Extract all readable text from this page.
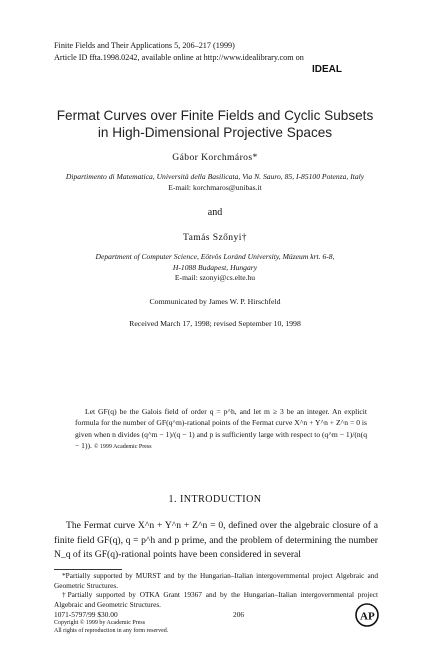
Finite Fields and Their Applications 5, 206–217 (1999)
Article ID ffta.1998.0242, available online at http://www.idealibrary.com on
IDEAL
Fermat Curves over Finite Fields and Cyclic Subsets
in High-Dimensional Projective Spaces
Gábor Korchmáros*
Dipartimento di Matematica, Università della Basilicata, Via N. Sauro, 85, I-85100 Potenza, Italy
E-mail: korchmaros@unibas.it
and
Tamás Szőnyi†
Department of Computer Science, Eötvös Loránd University, Múzeum krt. 6-8,
H-1088 Budapest, Hungary
E-mail: szonyi@cs.elte.hu
Communicated by James W. P. Hirschfeld
Received March 17, 1998; revised September 10, 1998
Let GF(q) be the Galois field of order q = p^h, and let m ≥ 3 be an integer. An explicit formula for the number of GF(q^m)-rational points of the Fermat curve X^n + Y^n + Z^n = 0 is given when n divides (q^m − 1)/(q − 1) and p is sufficiently large with respect to (q^m − 1)/(n(q − 1)). © 1999 Academic Press
1. INTRODUCTION
The Fermat curve X^n + Y^n + Z^n = 0, defined over the algebraic closure of a finite field GF(q), q = p^h and p prime, and the problem of determining the number N_q of its GF(q)-rational points have been considered in several

*Partially supported by MURST and by the Hungarian–Italian intergovernmental project Algebraic and Geometric Structures.

†Partially supported by OTKA Grant 19367 and by the Hungarian–Italian intergovernmental project Algebraic and Geometric Structures.

1071-5797/99 $30.00
Copyright © 1999 by Academic Press
All rights of reproduction in any form reserved.
206	AP
